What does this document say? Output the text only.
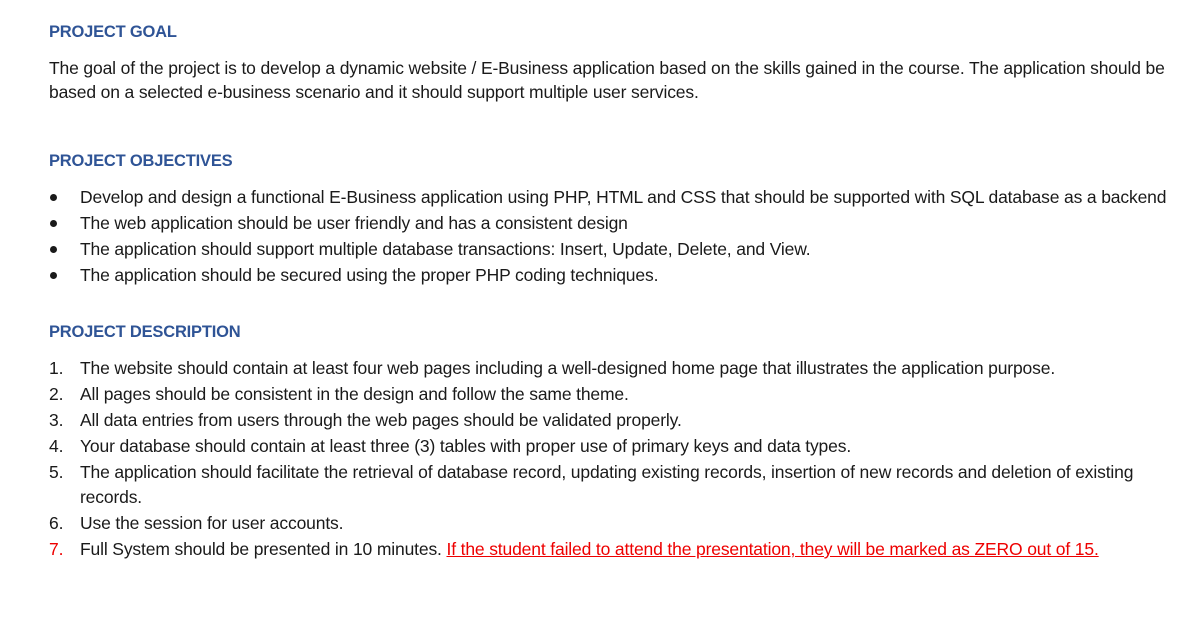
PROJECT GOAL

The goal of the project is to develop a dynamic website / E-Business application based on the skills gained in the course. The application should be based on a selected e-business scenario and it should support multiple user services.

PROJECT OBJECTIVES
Develop and design a functional E-Business application using PHP, HTML and CSS that should be supported with SQL database as a backend
The web application should be user friendly and has a consistent design
The application should support multiple database transactions: Insert, Update, Delete, and View.
The application should be secured using the proper PHP coding techniques.
PROJECT DESCRIPTION
1. The website should contain at least four web pages including a well-designed home page that illustrates the application purpose.
2. All pages should be consistent in the design and follow the same theme.
3. All data entries from users through the web pages should be validated properly.
4. Your database should contain at least three (3) tables with proper use of primary keys and data types.
5. The application should facilitate the retrieval of database record, updating existing records, insertion of new records and deletion of existing records.
6. Use the session for user accounts.
7. Full System should be presented in 10 minutes. If the student failed to attend the presentation, they will be marked as ZERO out of 15.
